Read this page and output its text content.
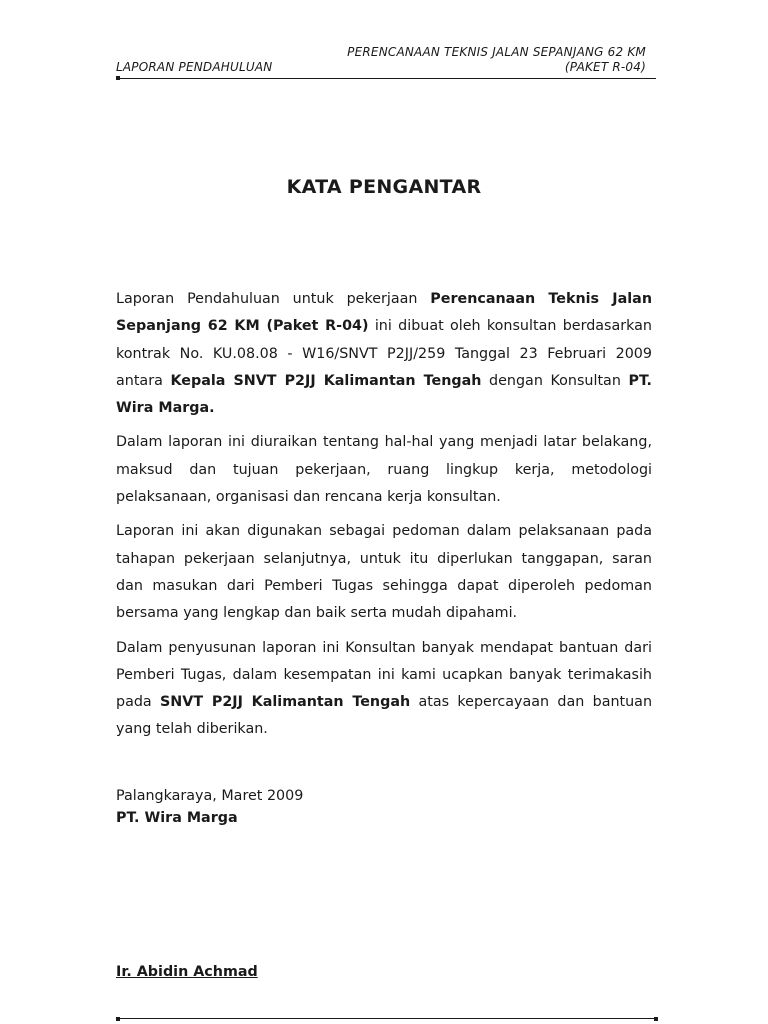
LAPORAN PENDAHULUAN
PERENCANAAN TEKNIS JALAN SEPANJANG 62 KM
(PAKET R-04)
KATA PENGANTAR

Laporan Pendahuluan untuk pekerjaan Perencanaan Teknis Jalan Sepanjang 62 KM (Paket R-04) ini dibuat oleh konsultan berdasarkan kontrak No. KU.08.08 - W16/SNVT P2JJ/259 Tanggal 23 Februari 2009 antara Kepala SNVT P2JJ Kalimantan Tengah dengan Konsultan PT. Wira Marga.

Dalam laporan ini diuraikan tentang hal-hal yang menjadi latar belakang, maksud dan tujuan pekerjaan, ruang lingkup kerja, metodologi pelaksanaan, organisasi dan rencana kerja konsultan.

Laporan ini akan digunakan sebagai pedoman dalam pelaksanaan pada tahapan pekerjaan selanjutnya, untuk itu diperlukan tanggapan, saran dan masukan dari Pemberi Tugas sehingga dapat diperoleh pedoman bersama yang lengkap dan baik serta mudah dipahami.

Dalam penyusunan laporan ini Konsultan banyak mendapat bantuan dari Pemberi Tugas, dalam kesempatan ini kami ucapkan banyak terimakasih pada SNVT P2JJ Kalimantan Tengah atas kepercayaan dan bantuan yang telah diberikan.

Palangkaraya, Maret 2009
PT. Wira Marga
Ir. Abidin Achmad
